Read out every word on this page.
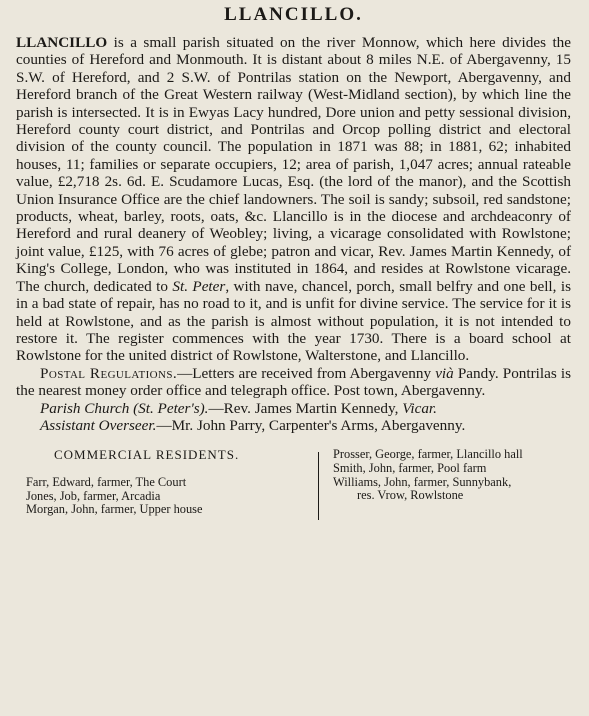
LLANCILLO.

LLANCILLO is a small parish situated on the river Monnow, which here divides the counties of Hereford and Monmouth. It is distant about 8 miles N.E. of Abergavenny, 15 S.W. of Hereford, and 2 S.W. of Pontrilas station on the Newport, Abergavenny, and Hereford branch of the Great Western railway (West-Midland section), by which line the parish is intersected. It is in Ewyas Lacy hundred, Dore union and petty sessional division, Hereford county court district, and Pontrilas and Orcop polling district and electoral division of the county council. The population in 1871 was 88; in 1881, 62; inhabited houses, 11; families or separate occupiers, 12; area of parish, 1,047 acres; annual rateable value, £2,718 2s. 6d. E. Scudamore Lucas, Esq. (the lord of the manor), and the Scottish Union Insurance Office are the chief landowners. The soil is sandy; subsoil, red sandstone; products, wheat, barley, roots, oats, &c. Llancillo is in the diocese and archdeaconry of Hereford and rural deanery of Weobley; living, a vicarage consolidated with Rowlstone; joint value, £125, with 76 acres of glebe; patron and vicar, Rev. James Martin Kennedy, of King's College, London, who was instituted in 1864, and resides at Rowlstone vicarage. The church, dedicated to St. Peter, with nave, chancel, porch, small belfry and one bell, is in a bad state of repair, has no road to it, and is unfit for divine service. The service for it is held at Rowlstone, and as the parish is almost without population, it is not intended to restore it. The register commences with the year 1730. There is a board school at Rowlstone for the united district of Rowlstone, Walterstone, and Llancillo.

Postal Regulations.—Letters are received from Abergavenny vià Pandy. Pontrilas is the nearest money order office and telegraph office. Post town, Abergavenny.

Parish Church (St. Peter's).—Rev. James Martin Kennedy, Vicar.

Assistant Overseer.—Mr. John Parry, Carpenter's Arms, Abergavenny.

COMMERCIAL RESIDENTS.
Farr, Edward, farmer, The Court
Jones, Job, farmer, Arcadia
Morgan, John, farmer, Upper house
Prosser, George, farmer, Llancillo hall
Smith, John, farmer, Pool farm
Williams, John, farmer, Sunnybank,
res. Vrow, Rowlstone
